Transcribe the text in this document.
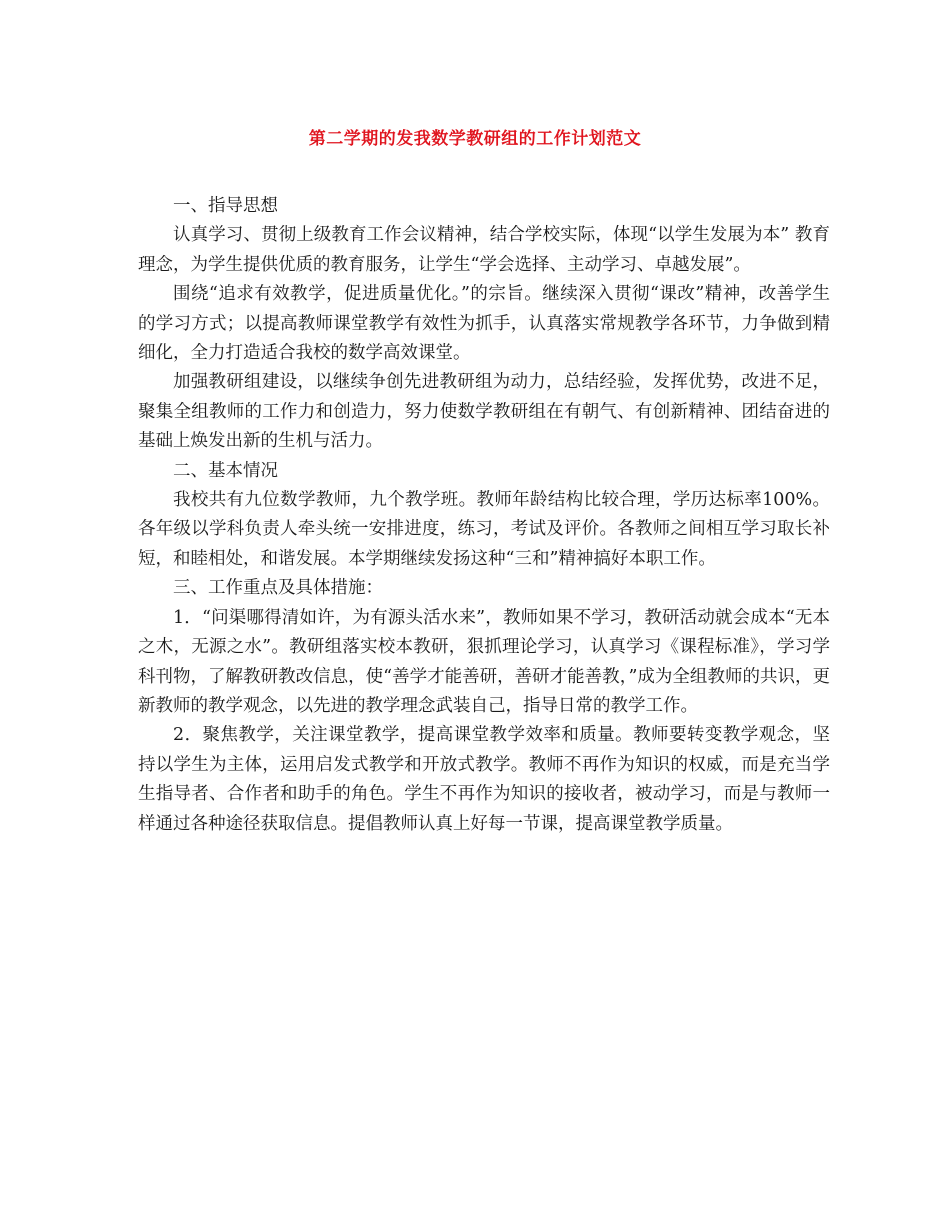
第二学期的发我数学教研组的工作计划范文

一、指导思想

认真学习、贯彻上级教育工作会议精神，结合学校实际，体现“以学生发展为本” 教育理念，为学生提供优质的教育服务，让学生“学会选择、主动学习、卓越发展”。

围绕“追求有效教学，促进质量优化。”的宗旨。继续深入贯彻“课改”精神，改善学生的学习方式；以提高教师课堂教学有效性为抓手，认真落实常规教学各环节，力争做到精细化，全力打造适合我校的数学高效课堂。

加强教研组建设，以继续争创先进教研组为动力，总结经验，发挥优势，改进不足，聚集全组教师的工作力和创造力，努力使数学教研组在有朝气、有创新精神、团结奋进的基础上焕发出新的生机与活力。

二、基本情况

我校共有九位数学教师，九个教学班。教师年龄结构比较合理，学历达标率100%。各年级以学科负责人牵头统一安排进度，练习，考试及评价。各教师之间相互学习取长补短，和睦相处，和谐发展。本学期继续发扬这种“三和”精神搞好本职工作。

三、工作重点及具体措施：

1．“问渠哪得清如许，为有源头活水来”，教师如果不学习，教研活动就会成本“无本之木，无源之水”。教研组落实校本教研，狠抓理论学习，认真学习《课程标准》，学习学科刊物，了解教研教改信息，使“善学才能善研，善研才能善教，”成为全组教师的共识，更新教师的教学观念，以先进的教学理念武装自己，指导日常的教学工作。

2．聚焦教学，关注课堂教学，提高课堂教学效率和质量。教师要转变教学观念，坚持以学生为主体，运用启发式教学和开放式教学。教师不再作为知识的权威，而是充当学生指导者、合作者和助手的角色。学生不再作为知识的接收者，被动学习，而是与教师一样通过各种途径获取信息。提倡教师认真上好每一节课，提高课堂教学质量。
